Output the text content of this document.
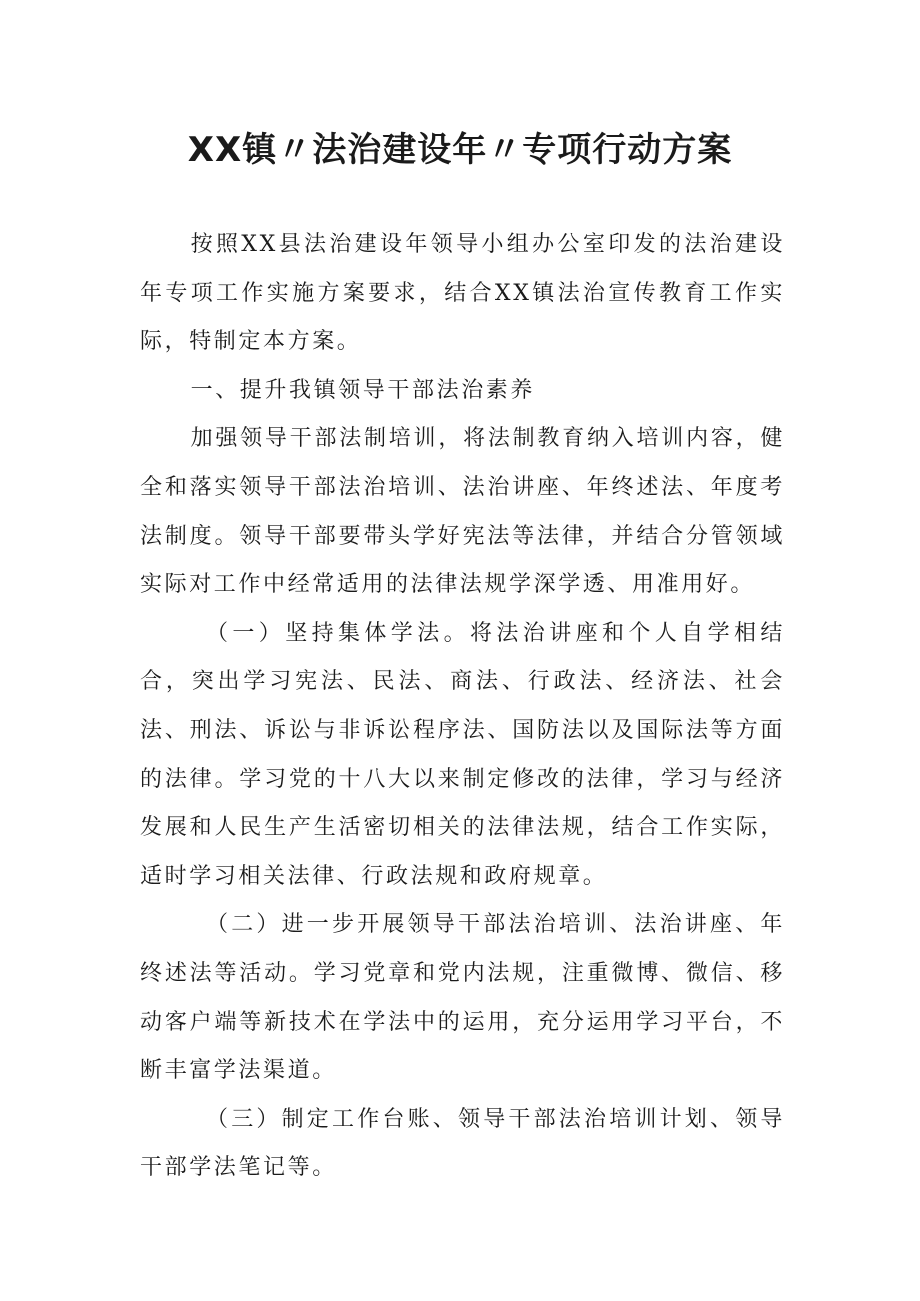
XX镇〃法治建设年〃专项行动方案

按照XX县法治建设年领导小组办公室印发的法治建设年专项工作实施方案要求，结合XX镇法治宣传教育工作实际，特制定本方案。

一、提升我镇领导干部法治素养

加强领导干部法制培训，将法制教育纳入培训内容，健全和落实领导干部法治培训、法治讲座、年终述法、年度考法制度。领导干部要带头学好宪法等法律，并结合分管领域实际对工作中经常适用的法律法规学深学透、用准用好。

（一）坚持集体学法。将法治讲座和个人自学相结合，突出学习宪法、民法、商法、行政法、经济法、社会法、刑法、诉讼与非诉讼程序法、国防法以及国际法等方面的法律。学习党的十八大以来制定修改的法律，学习与经济发展和人民生产生活密切相关的法律法规，结合工作实际，适时学习相关法律、行政法规和政府规章。

（二）进一步开展领导干部法治培训、法治讲座、年终述法等活动。学习党章和党内法规，注重微博、微信、移动客户端等新技术在学法中的运用，充分运用学习平台，不断丰富学法渠道。

（三）制定工作台账、领导干部法治培训计划、领导干部学法笔记等。
